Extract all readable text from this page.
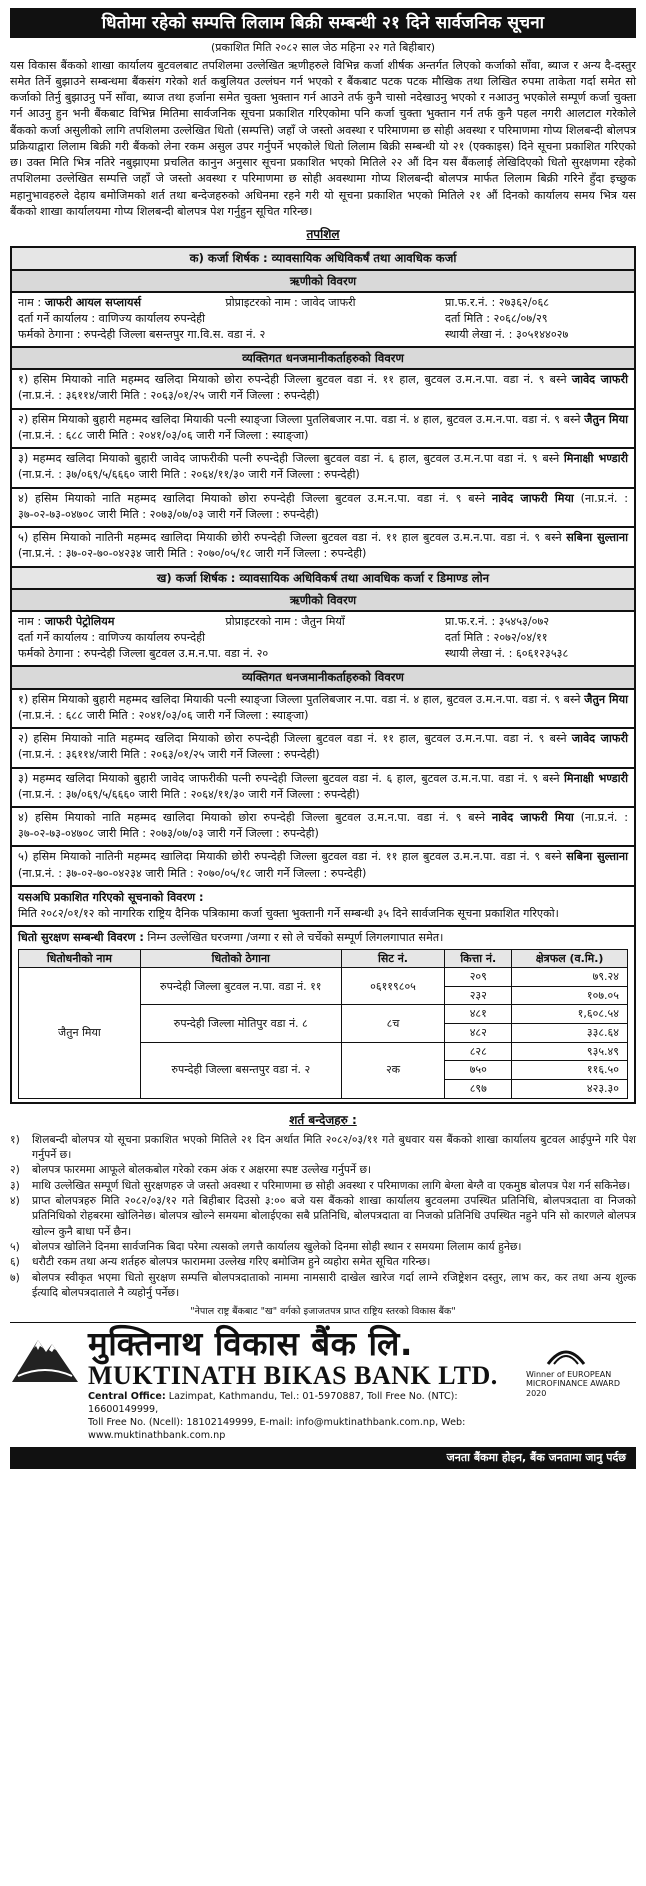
धितोमा रहेको सम्पत्ति लिलाम बिक्री सम्बन्धी २१ दिने सार्वजनिक सूचना
(प्रकाशित मिति २०८२ साल जेठ महिना २२ गते बिहीबार)

यस विकास बैंकको शाखा कार्यालय बुटवलबाट तपशिलमा उल्लेखित ऋणीहरुले विभिन्न कर्जा शीर्षक अन्तर्गत लिएको कर्जाको साँवा, ब्याज र अन्य दै-दस्तुर समेत तिर्ने बुझाउने सम्बन्धमा बैंकसंग गरेको शर्त कबुलियत उल्लंघन गर्न भएको र बैंकबाट पटक पटक मौखिक तथा लिखित रुपमा ताकेता गर्दा समेत सो कर्जाको तिर्नु बुझाउनु पर्ने साँवा, ब्याज तथा हर्जाना समेत चुक्ता भुक्तान गर्न आउने तर्फ कुनै चासो नदेखाउनु भएको र नआउनु भएकोले सम्पूर्ण कर्जा चुक्ता गर्न आउनु हुन भनी बैंकबाट विभिन्न मितिमा सार्वजनिक सूचना प्रकाशित गरिएकोमा पनि कर्जा चुक्ता भुक्तान गर्न तर्फ कुनै पहल नगरी आलटाल गरेकोले बैंकको कर्जा असुलीको लागि तपशिलमा उल्लेखित धितो (सम्पत्ति) जहाँ जे जस्तो अवस्था र परिमाणमा छ सोही अवस्था र परिमाणमा गोप्य शिलबन्दी बोलपत्र प्रक्रियाद्वारा लिलाम बिक्री गरी बैंकको लेना रकम असुल उपर गर्नुपर्ने भएकोले धितो लिलाम बिक्री सम्बन्धी यो २१ (एक्काइस) दिने सूचना प्रकाशित गरिएको छ। उक्त मिति भित्र नतिरे नबुझाएमा प्रचलित कानुन अनुसार सूचना प्रकाशित भएको मितिले २२ औं दिन यस बैंकलाई लेखिदिएको धितो सुरक्षणमा रहेको तपशिलमा उल्लेखित सम्पत्ति जहाँ जे जस्तो अवस्था र परिमाणमा छ सोही अवस्थामा गोप्य शिलबन्दी बोलपत्र मार्फत लिलाम बिक्री गरिने हुँदा इच्छुक महानुभावहरुले देहाय बमोजिमको शर्त तथा बन्देजहरुको अधिनमा रहने गरी यो सूचना प्रकाशित भएको मितिले २१ औं दिनको कार्यालय समय भित्र यस बैंकको शाखा कार्यालयमा गोप्य शिलबन्दी बोलपत्र पेश गर्नुहुन सूचित गरिन्छ।

तपशिल
क) कर्जा शिर्षक : व्यावसायिक अधिविकर्षं तथा आवधिक कर्जा
ऋणीको विवरण
नाम : जाफरी आयल सप्लायर्स	प्रोप्राइटरको नाम : जावेद जाफरी	प्रा.फ.र.नं. : २७३६२/०६८
दर्ता गर्ने कार्यालय : वाणिज्य कार्यालय रुपन्देही	दर्ता मिति : २०६८/०७/२९
फर्मको ठेगाना : रुपन्देही जिल्ला बसन्तपुर गा.वि.स. वडा नं. २	स्थायी लेखा नं. : ३०५१४४०२७
व्यक्तिगत धनजमानीकर्ताहरुको विवरण
१) हसिम मियाको नाति महम्मद खलिदा मियाको छोरा रुपन्देही जिल्ला बुटवल वडा नं. ११ हाल, बुटवल उ.म.न.पा. वडा नं. ९ बस्ने जावेद जाफरी (ना.प्र.नं. : ३६११४/जारी मिति : २०६३/०१/२५ जारी गर्ने जिल्ला : रुपन्देही)
२) हसिम मियाको बुहारी महम्मद खलिदा मियाकी पत्नी स्याङ्जा जिल्ला पुतलिबजार न.पा. वडा नं. ४ हाल, बुटवल उ.म.न.पा. वडा नं. ९ बस्ने जैतुन मिया (ना.प्र.नं. : ६८८ जारी मिति : २०४१/०३/०६ जारी गर्ने जिल्ला : स्याङ्जा)
३) महम्मद खलिदा मियाको बुहारी जावेद जाफरीकी पत्नी रुपन्देही जिल्ला बुटवल वडा नं. ६ हाल, बुटवल उ.म.न.पा वडा नं. ९ बस्ने मिनाक्षी भण्डारी (ना.प्र.नं. : ३७/०६९/५/६६६० जारी मिति : २०६४/११/३० जारी गर्ने जिल्ला : रुपन्देही)
४) हसिम मियाको नाति महम्मद खालिदा मियाको छोरा रुपन्देही जिल्ला बुटवल उ.म.न.पा. वडा नं. ९ बस्ने नावेद जाफरी मिया (ना.प्र.नं. : ३७-०२-७३-०४७०८ जारी मिति : २०७३/०७/०३ जारी गर्ने जिल्ला : रुपन्देही)
५) हसिम मियाको नातिनी महम्मद खालिदा मियाकी छोरी रुपन्देही जिल्ला बुटवल वडा नं. ११ हाल बुटवल उ.म.न.पा. वडा नं. ९ बस्ने सबिना सुल्ताना (ना.प्र.नं. : ३७-०२-७०-०४२३४ जारी मिति : २०७०/०५/१८ जारी गर्ने जिल्ला : रुपन्देही)
ख) कर्जा शिर्षक : व्यावसायिक अधिविकर्ष तथा आवधिक कर्जा र डिमाण्ड लोन
ऋणीको विवरण
नाम : जाफरी पेट्रोलियम	प्रोप्राइटरको नाम : जैतुन मियाँ	प्रा.फ.र.नं. : ३५४५३/०७२
दर्ता गर्ने कार्यालय : वाणिज्य कार्यालय रुपन्देही	दर्ता मिति : २०७२/०४/११
फर्मको ठेगाना : रुपन्देही जिल्ला बुटवल उ.म.न.पा. वडा नं. २०	स्थायी लेखा नं. : ६०६१२३५३८
व्यक्तिगत धनजमानीकर्ताहरुको विवरण
१) हसिम मियाको बुहारी महम्मद खलिदा मियाकी पत्नी स्याङ्जा जिल्ला पुतलिबजार न.पा. वडा नं. ४ हाल, बुटवल उ.म.न.पा. वडा नं. ९ बस्ने जैतुन मिया (ना.प्र.नं. : ६८८ जारी मिति : २०४१/०३/०६ जारी गर्ने जिल्ला : स्याङ्जा)
२) हसिम मियाको नाति महम्मद खलिदा मियाको छोरा रुपन्देही जिल्ला बुटवल वडा नं. ११ हाल, बुटवल उ.म.न.पा. वडा नं. ९ बस्ने जावेद जाफरी (ना.प्र.नं. : ३६११४/जारी मिति : २०६३/०१/२५ जारी गर्ने जिल्ला : रुपन्देही)
३) महम्मद खलिदा मियाको बुहारी जावेद जाफरीकी पत्नी रुपन्देही जिल्ला बुटवल वडा नं. ६ हाल, बुटवल उ.म.न.पा. वडा नं. ९ बस्ने मिनाक्षी भण्डारी (ना.प्र.नं. : ३७/०६९/५/६६६० जारी मिति : २०६४/११/३० जारी गर्ने जिल्ला : रुपन्देही)
४) हसिम मियाको नाति महम्मद खालिदा मियाको छोरा रुपन्देही जिल्ला बुटवल उ.म.न.पा. वडा नं. ९ बस्ने नावेद जाफरी मिया (ना.प्र.नं. : ३७-०२-७३-०४७०८ जारी मिति : २०७३/०७/०३ जारी गर्ने जिल्ला : रुपन्देही)
५) हसिम मियाको नातिनी महम्मद खालिदा मियाकी छोरी रुपन्देही जिल्ला बुटवल वडा नं. ११ हाल बुटवल उ.म.न.पा. वडा नं. ९ बस्ने सबिना सुल्ताना (ना.प्र.नं. : ३७-०२-७०-०४२३४ जारी मिति : २०७०/०५/१८ जारी गर्ने जिल्ला : रुपन्देही)
यसअघि प्रकाशित गरिएको सूचनाको विवरण :
मिति २०८२/०१/१२ को नागरिक राष्ट्रिय दैनिक पत्रिकामा कर्जा चुक्ता भुक्तानी गर्ने सम्बन्धी ३५ दिने सार्वजनिक सूचना प्रकाशित गरिएको।
धितो सुरक्षण सम्बन्धी विवरण : निम्न उल्लेखित घरजग्गा /जग्गा र सो ले चर्चेको सम्पूर्ण लिगलगापात समेत।
धितोधनीको नाम	धितोको ठेगाना	सिट नं.	कित्ता नं.	क्षेत्रफल (व.मि.)
जैतुन मिया	रुपन्देही जिल्ला बुटवल न.पा. वडा नं. ११	०६११९८०५	२०९	७९.२४
			२३२	१०७.०५
	रुपन्देही जिल्ला मोतिपुर वडा नं. ८	८च	४८१	१,६०८.५४
			४८२	३३८.६४
	रुपन्देही जिल्ला बसन्तपुर वडा नं. २	२क	८२८	९३५.४९
			७५०	११६.५०
			८९७	४२३.३०
शर्त बन्देजहरु :
१)	शिलबन्दी बोलपत्र यो सूचना प्रकाशित भएको मितिले २१ दिन अर्थात मिति २०८२/०३/११ गते बुधवार यस बैंकको शाखा कार्यालय बुटवल आईपुग्ने गरि पेश गर्नुपर्ने छ।
२)	बोलपत्र फारममा आफूले बोलकबोल गरेको रकम अंक र अक्षरमा स्पष्ट उल्लेख गर्नुपर्ने छ।
३)	माथि उल्लेखित सम्पूर्ण धितो सुरक्षणहरु जे जस्तो अवस्था र परिमाणमा छ सोही अवस्था र परिमाणका लागि बेग्ला बेग्लै वा एकमुष्ठ बोलपत्र पेश गर्न सकिनेछ।
४)	प्राप्त बोलपत्रहरु मिति २०८२/०३/१२ गते बिहीबार दिउसो ३:०० बजे यस बैंकको शाखा कार्यालय बुटवलमा उपस्थित प्रतिनिधि, बोलपत्रदाता वा निजको प्रतिनिधिको रोहबरमा खोलिनेछ। बोलपत्र खोल्ने समयमा बोलाईएका सबै प्रतिनिधि, बोलपत्रदाता वा निजको प्रतिनिधि उपस्थित नहुने पनि सो कारणले बोलपत्र खोल्न कुनै बाधा पर्ने छैन।
५)	बोलपत्र खोलिने दिनमा सार्वजनिक बिदा परेमा त्यसको लगत्तै कार्यालय खुलेको दिनमा सोही स्थान र समयमा लिलाम कार्य हुनेछ।
६)	धरौटी रकम तथा अन्य शर्तहरु बोलपत्र फाराममा उल्लेख गरिए बमोजिम हुने व्यहोरा समेत सूचित गरिन्छ।
७)	बोलपत्र स्वीकृत भएमा धितो सुरक्षण सम्पत्ति बोलपत्रदाताको नाममा नामसारी दाखेल खारेज गर्दा लाग्ने रजिष्ट्रेशन दस्तुर, लाभ कर, कर तथा अन्य शुल्क ईत्यादि बोलपत्रदाताले नै व्यहोर्नु पर्नेछ।
"नेपाल राष्ट्र बैंकबाट "ख" वर्गको इजाजतपत्र प्राप्त राष्ट्रिय स्तरको विकास बैंक"
मुक्तिनाथ विकास बैंक लि.
MUKTINATH BIKAS BANK LTD.
Central Office: Lazimpat, Kathmandu, Tel.: 01-5970887, Toll Free No. (NTC): 16600149999,
Toll Free No. (Ncell): 18102149999, E-mail: info@muktinathbank.com.np, Web: www.muktinathbank.com.np
Winner of EUROPEAN MICROFINANCE AWARD 2020
जनता बैंकमा होइन, बैंक जनतामा जानु पर्दछ
